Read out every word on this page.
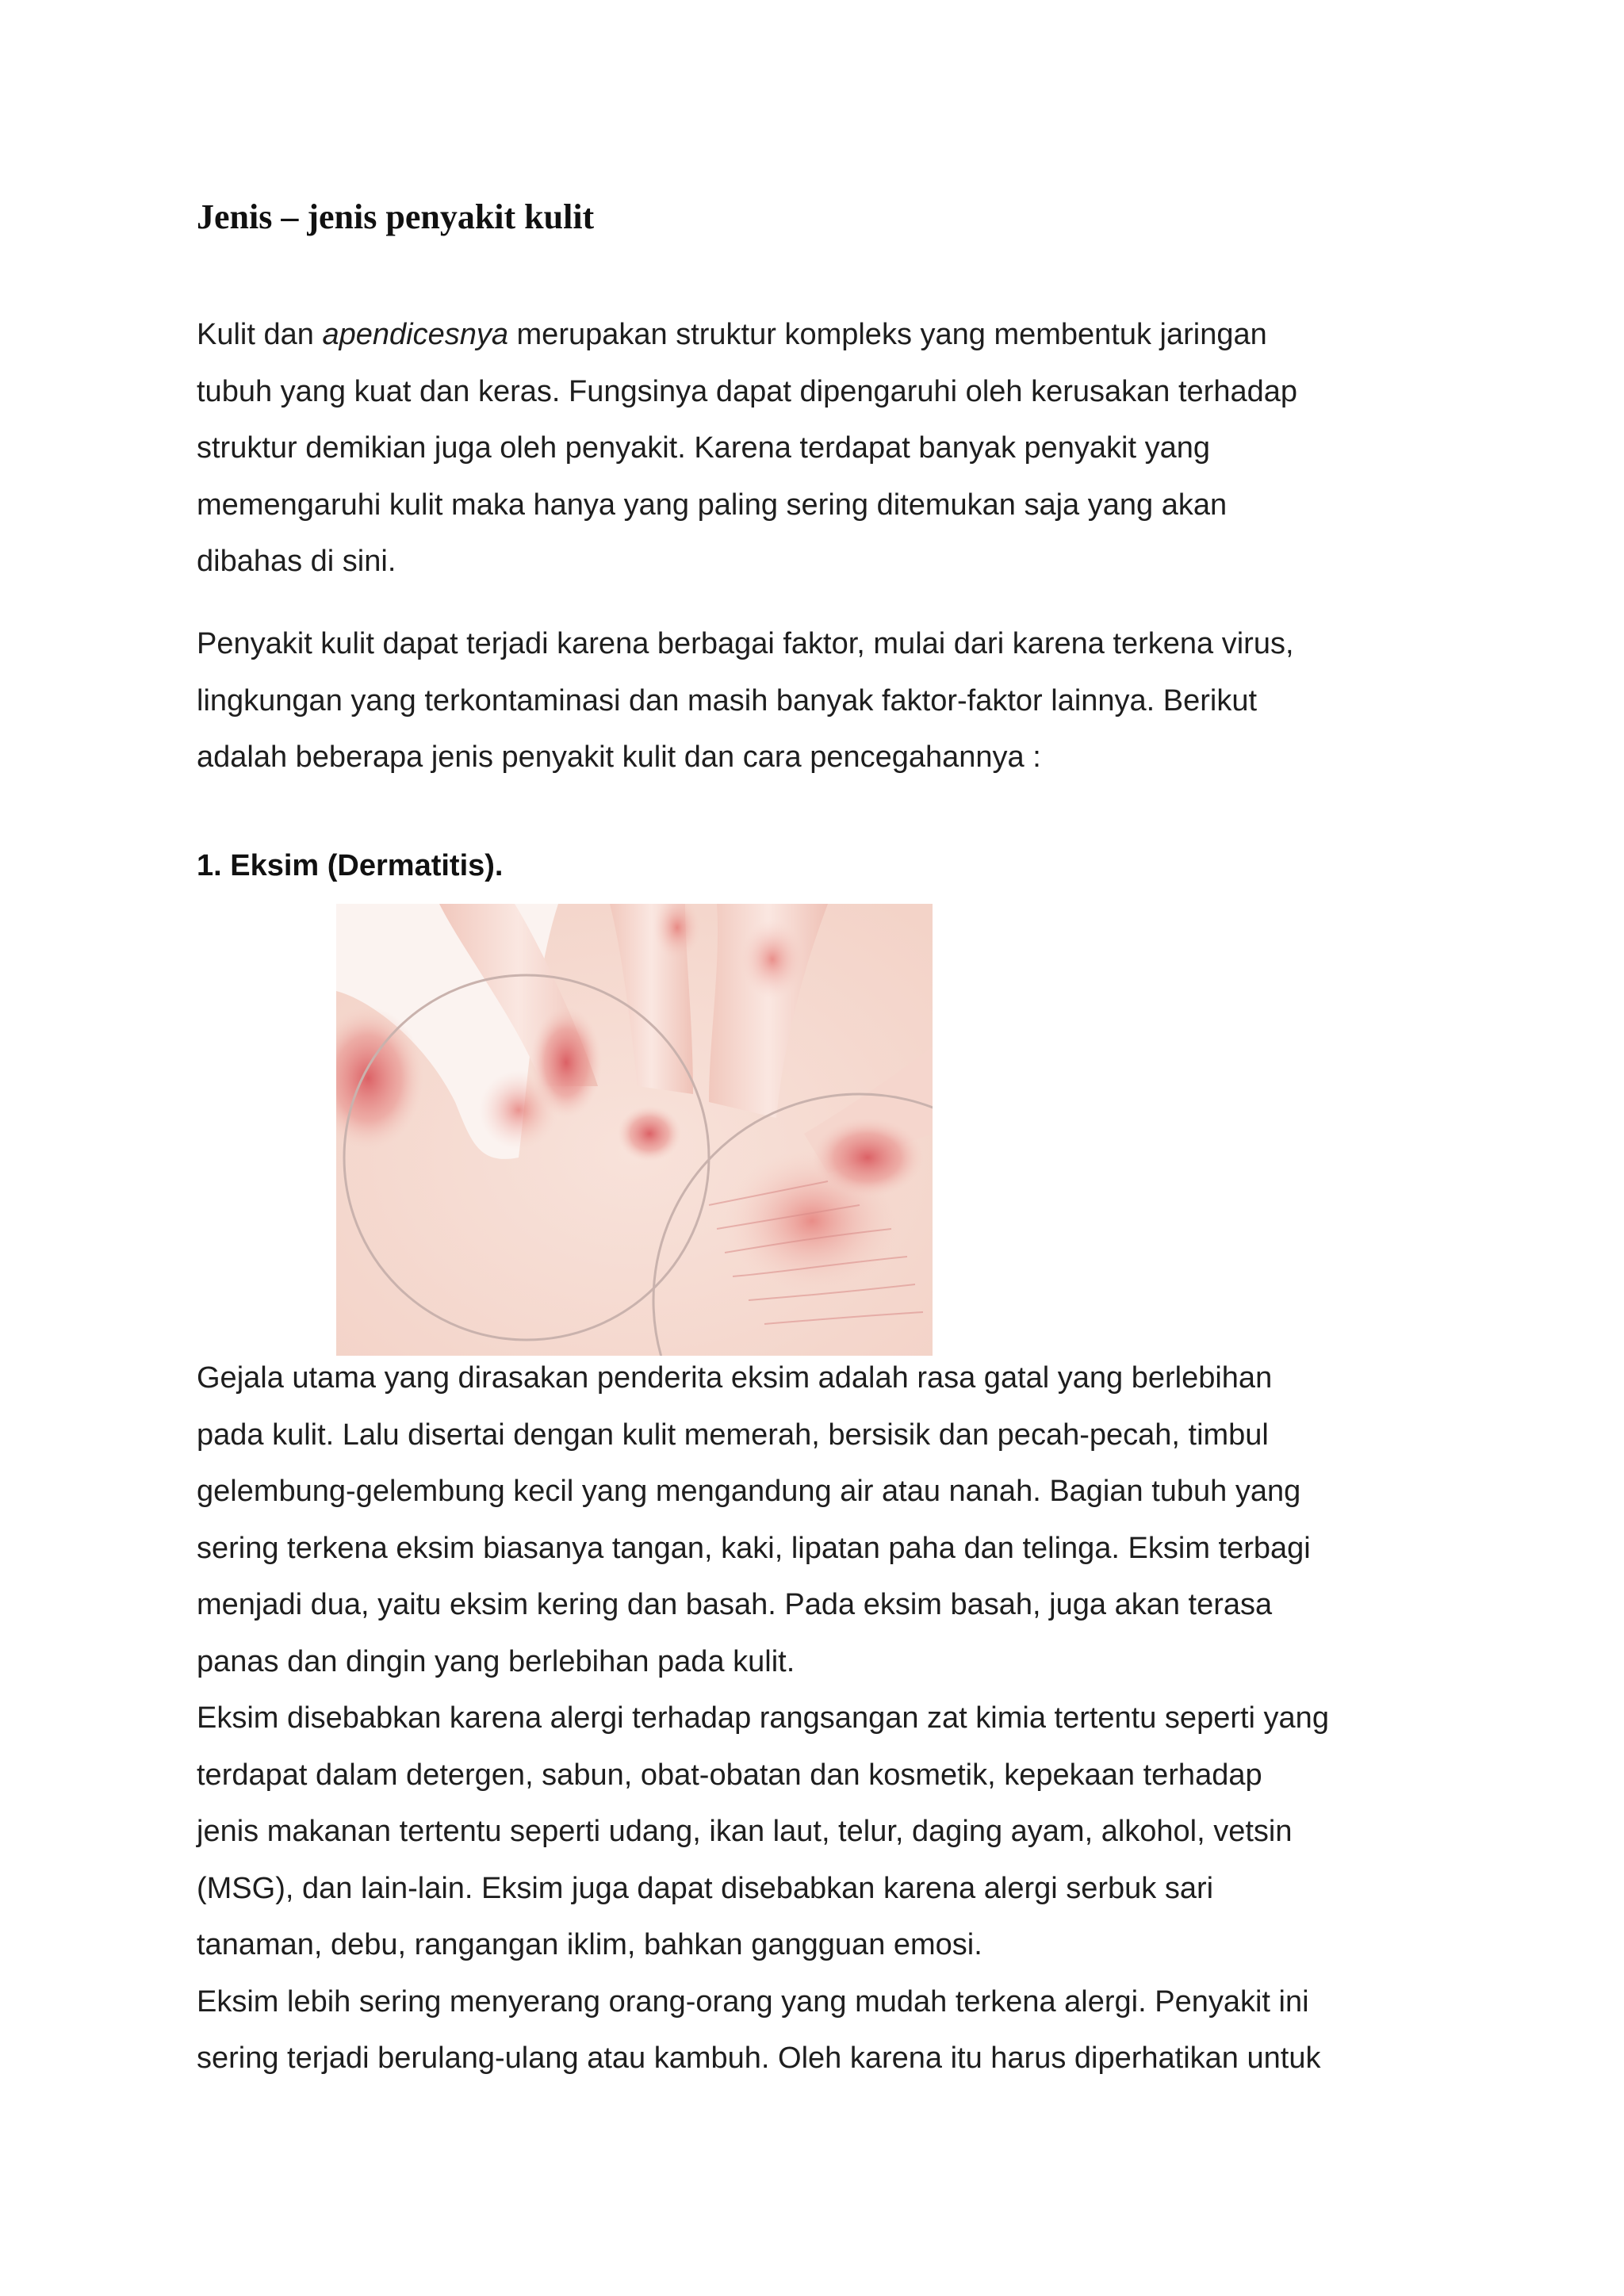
Jenis – jenis penyakit kulit
Kulit dan apendicesnya merupakan struktur kompleks yang membentuk jaringan
tubuh yang kuat dan keras. Fungsinya dapat dipengaruhi oleh kerusakan terhadap
struktur demikian juga oleh penyakit. Karena terdapat banyak penyakit yang
memengaruhi kulit maka hanya yang paling sering ditemukan saja yang akan
dibahas di sini.
Penyakit kulit dapat terjadi karena berbagai faktor, mulai dari karena terkena virus,
lingkungan yang terkontaminasi dan masih banyak faktor-faktor lainnya. Berikut
adalah beberapa jenis penyakit kulit dan cara pencegahannya :
1. Eksim (Dermatitis).
Gejala utama yang dirasakan penderita eksim adalah rasa gatal yang berlebihan
pada kulit. Lalu disertai dengan kulit memerah, bersisik dan pecah-pecah, timbul
gelembung-gelembung kecil yang mengandung air atau nanah. Bagian tubuh yang
sering terkena eksim biasanya tangan, kaki, lipatan paha dan telinga. Eksim terbagi
menjadi dua, yaitu eksim kering dan basah. Pada eksim basah, juga akan terasa
panas dan dingin yang berlebihan pada kulit.
Eksim disebabkan karena alergi terhadap rangsangan zat kimia tertentu seperti yang
terdapat dalam detergen, sabun, obat-obatan dan kosmetik, kepekaan terhadap
jenis makanan tertentu seperti udang, ikan laut, telur, daging ayam, alkohol, vetsin
(MSG), dan lain-lain. Eksim juga dapat disebabkan karena alergi serbuk sari
tanaman, debu, rangangan iklim, bahkan gangguan emosi.
Eksim lebih sering menyerang orang-orang yang mudah terkena alergi. Penyakit ini
sering terjadi berulang-ulang atau kambuh. Oleh karena itu harus diperhatikan untuk
